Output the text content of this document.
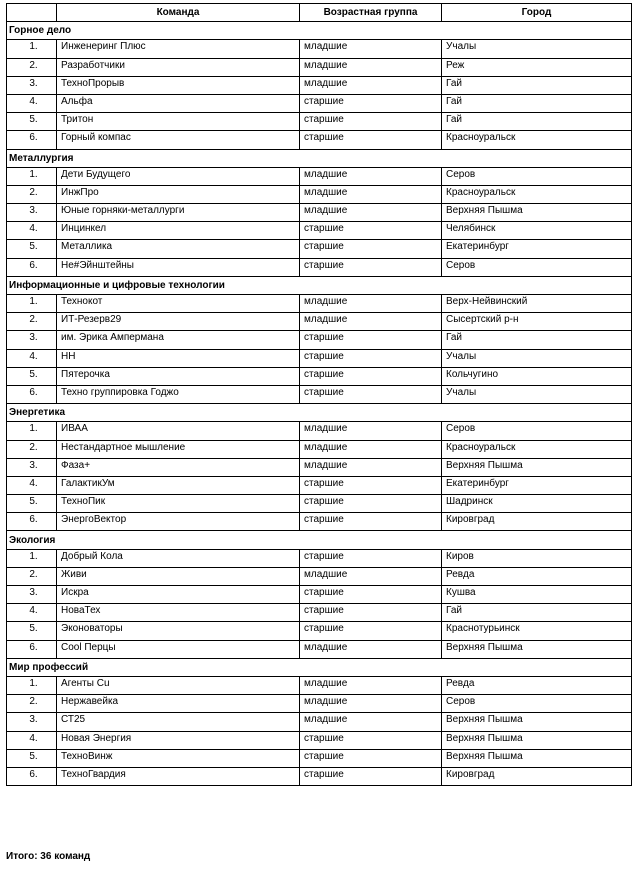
	Команда	Возрастная группа	Город
Горное дело			
1.	Инженеринг Плюс	младшие	Учалы
2.	Разработчики	младшие	Реж
3.	ТехноПрорыв	младшие	Гай
4.	Альфа	старшие	Гай
5.	Тритон	старшие	Гай
6.	Горный компас	старшие	Красноуральск
Металлургия			
1.	Дети Будущего	младшие	Серов
2.	ИнжПро	младшие	Красноуральск
3.	Юные горняки-металлурги	младшие	Верхняя Пышма
4.	Инцинкел	старшие	Челябинск
5.	Металлика	старшие	Екатеринбург
6.	Не#Эйнштейны	старшие	Серов
Информационные и цифровые технологии			
1.	Технокот	младшие	Верх-Нейвинский
2.	ИТ-Резерв29	младшие	Сысертский р-н
3.	им. Эрика Ампермана	старшие	Гай
4.	НН	старшие	Учалы
5.	Пятерочка	старшие	Кольчугино
6.	Техно группировка Годжо	старшие	Учалы
Энергетика			
1.	ИВАА	младшие	Серов
2.	Нестандартное мышление	младшие	Красноуральск
3.	Фаза+	младшие	Верхняя Пышма
4.	ГалактикУм	старшие	Екатеринбург
5.	ТехноПик	старшие	Шадринск
6.	ЭнергоВектор	старшие	Кировград
Экология			
1.	Добрый Кола	старшие	Киров
2.	Живи	младшие	Ревда
3.	Искра	старшие	Кушва
4.	НоваТех	старшие	Гай
5.	Эконоваторы	старшие	Краснотурьинск
6.	Cool Перцы	младшие	Верхняя Пышма
Мир профессий			
1.	Агенты Cu	младшие	Ревда
2.	Нержавейка	младшие	Серов
3.	СТ25	младшие	Верхняя Пышма
4.	Новая Энергия	старшие	Верхняя Пышма
5.	ТехноВинж	старшие	Верхняя Пышма
6.	ТехноГвардия	старшие	Кировград
Итого: 36 команд
